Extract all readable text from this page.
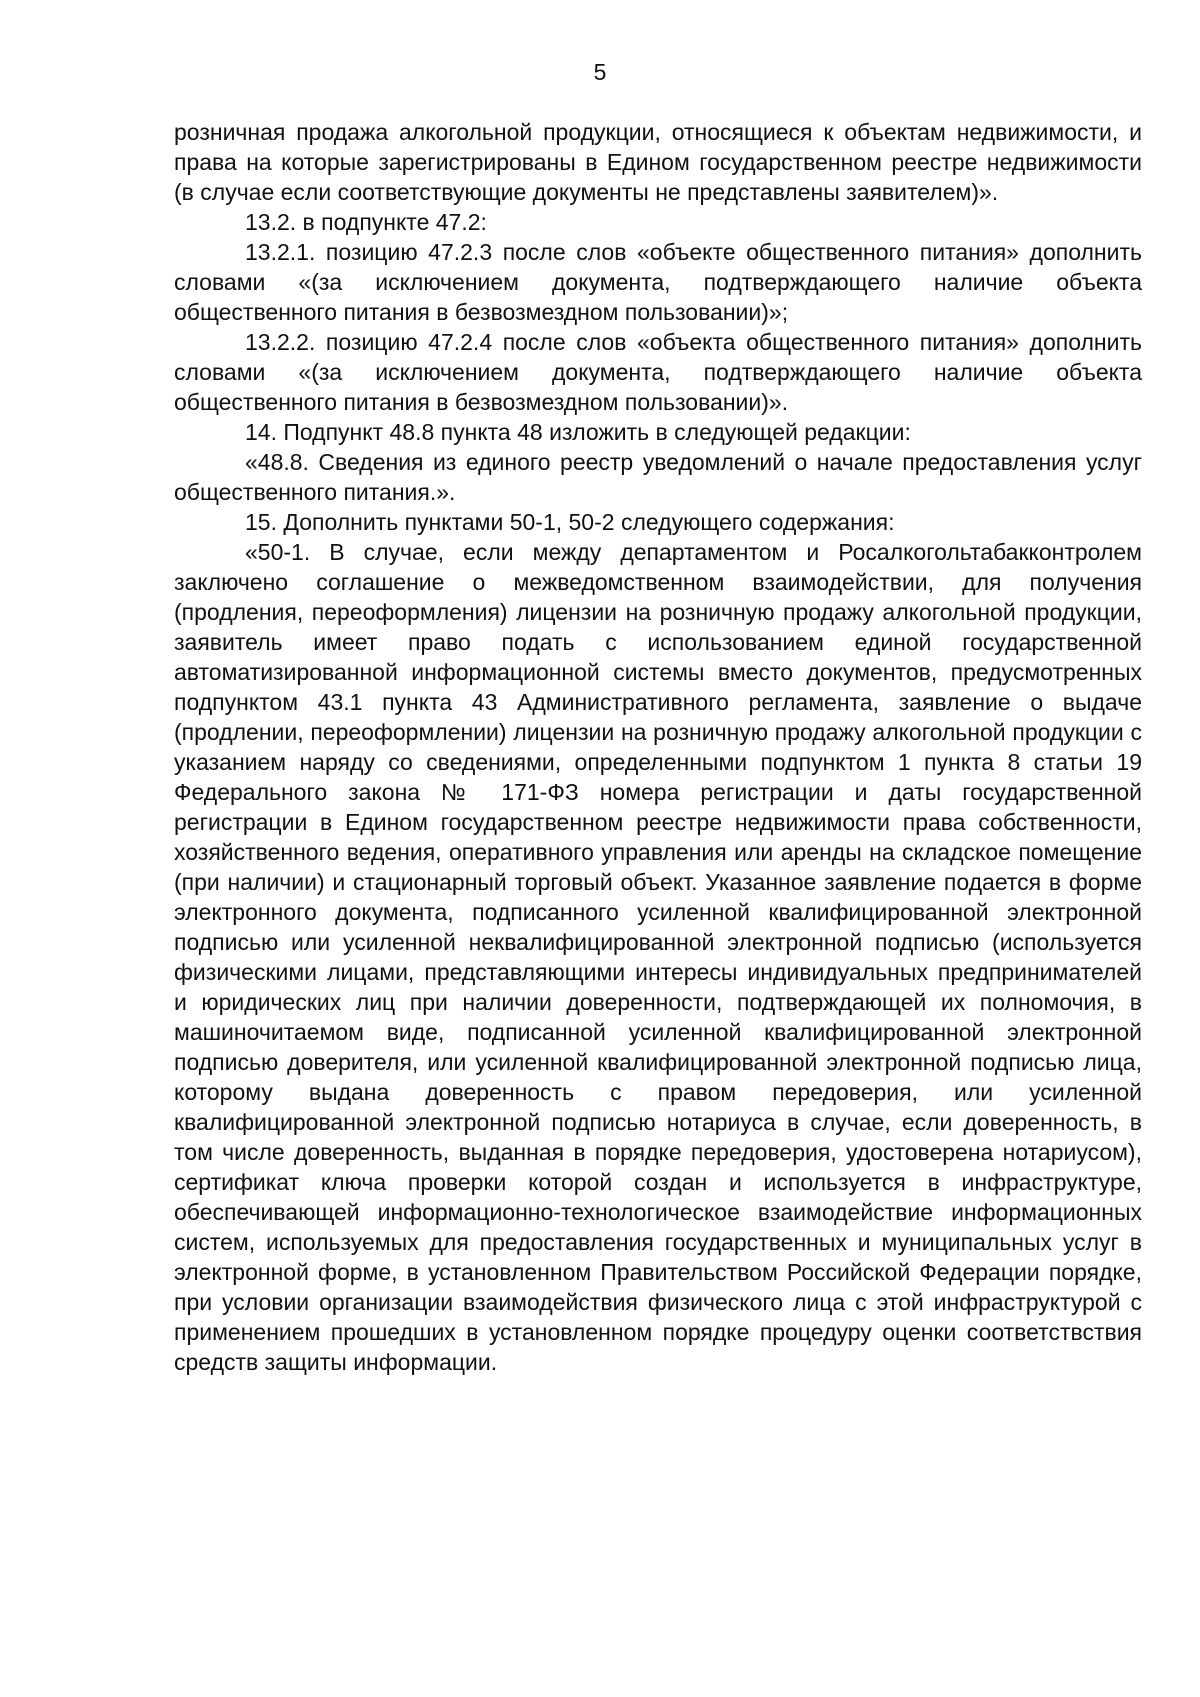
5

розничная продажа алкогольной продукции, относящиеся к объектам недвижимости, и права на которые зарегистрированы в Едином государственном реестре недвижимости (в случае если соответствующие документы не представлены заявителем)».

13.2. в подпункте 47.2:

13.2.1. позицию 47.2.3 после слов «объекте общественного питания» дополнить словами «(за исключением документа, подтверждающего наличие объекта общественного питания в безвозмездном пользовании)»;

13.2.2. позицию 47.2.4 после слов «объекта общественного питания» дополнить словами «(за исключением документа, подтверждающего наличие объекта общественного питания в безвозмездном пользовании)».

14. Подпункт 48.8 пункта 48 изложить в следующей редакции:

«48.8. Сведения из единого реестр уведомлений о начале предоставления услуг общественного питания.».

15. Дополнить пунктами 50-1, 50-2 следующего содержания:

«50-1. В случае, если между департаментом и Росалкогольтабакконтролем заключено соглашение о межведомственном взаимодействии, для получения (продления, переоформления) лицензии на розничную продажу алкогольной продукции, заявитель имеет право подать с использованием единой государственной автоматизированной информационной системы вместо документов, предусмотренных подпунктом 43.1 пункта 43 Административного регламента, заявление о выдаче (продлении, переоформлении) лицензии на розничную продажу алкогольной продукции с указанием наряду со сведениями, определенными подпунктом 1 пункта 8 статьи 19 Федерального закона № 171-ФЗ номера регистрации и даты государственной регистрации в Едином государственном реестре недвижимости права собственности, хозяйственного ведения, оперативного управления или аренды на складское помещение (при наличии) и стационарный торговый объект. Указанное заявление подается в форме электронного документа, подписанного усиленной квалифицированной электронной подписью или усиленной неквалифицированной электронной подписью (используется физическими лицами, представляющими интересы индивидуальных предпринимателей и юридических лиц при наличии доверенности, подтверждающей их полномочия, в машиночитаемом виде, подписанной усиленной квалифицированной электронной подписью доверителя, или усиленной квалифицированной электронной подписью лица, которому выдана доверенность с правом передоверия, или усиленной квалифицированной электронной подписью нотариуса в случае, если доверенность, в том числе доверенность, выданная в порядке передоверия, удостоверена нотариусом), сертификат ключа проверки которой создан и используется в инфраструктуре, обеспечивающей информационно-технологическое взаимодействие информационных систем, используемых для предоставления государственных и муниципальных услуг в электронной форме, в установленном Правительством Российской Федерации порядке, при условии организации взаимодействия физического лица с этой инфраструктурой с применением прошедших в установленном порядке процедуру оценки соответствствия средств защиты информации.
